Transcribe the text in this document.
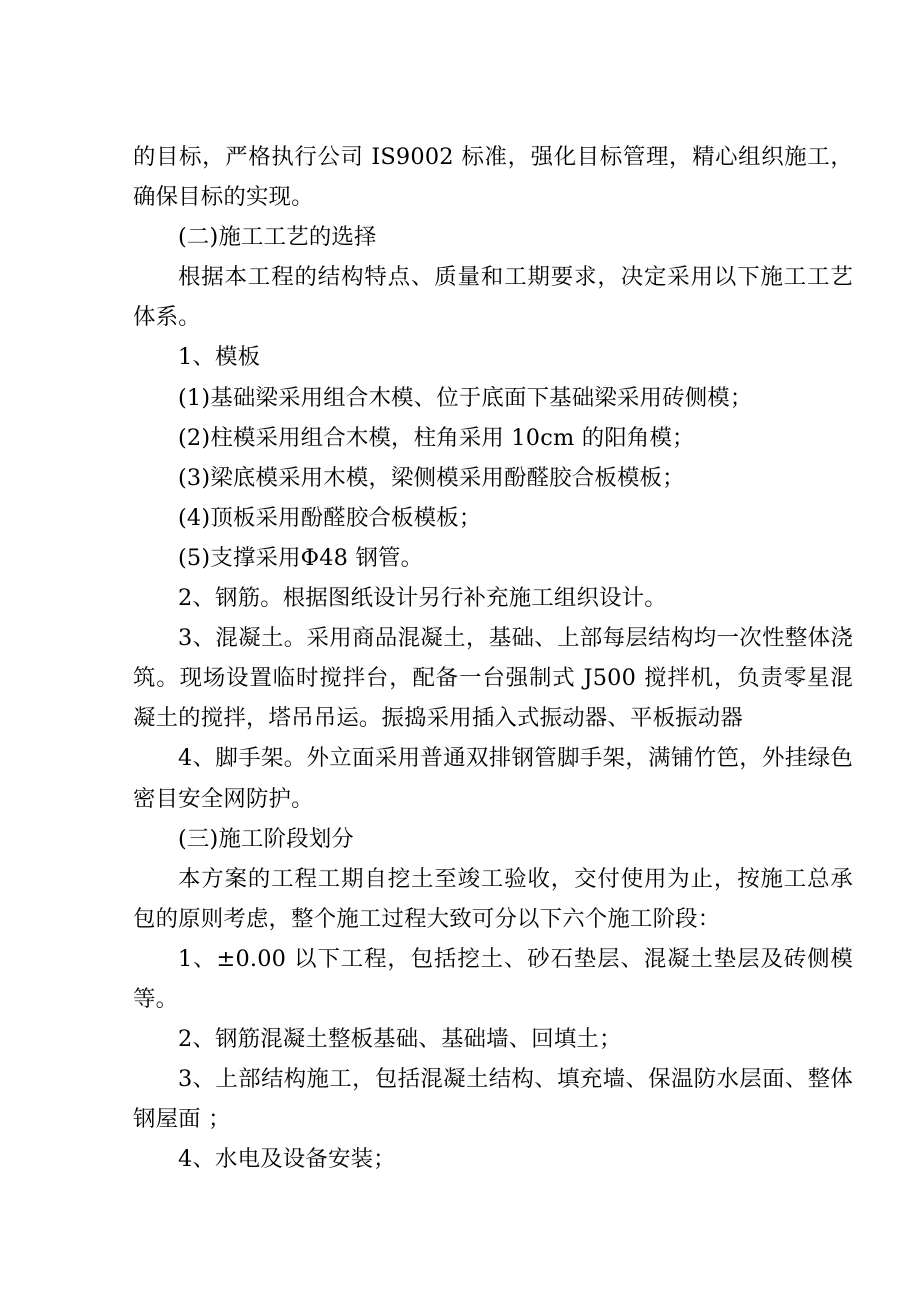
的目标，严格执行公司 IS9002 标准，强化目标管理，精心组织施工，确保目标的实现。

(二)施工工艺的选择

根据本工程的结构特点、质量和工期要求，决定采用以下施工工艺体系。

1、模板

(1)基础梁采用组合木模、位于底面下基础梁采用砖侧模；

(2)柱模采用组合木模，柱角采用 10cm 的阳角模；

(3)梁底模采用木模，梁侧模采用酚醛胶合板模板；

(4)顶板采用酚醛胶合板模板；

(5)支撑采用Φ48 钢管。

2、钢筋。根据图纸设计另行补充施工组织设计。

3、混凝土。采用商品混凝土，基础、上部每层结构均一次性整体浇筑。现场设置临时搅拌台，配备一台强制式 J500 搅拌机，负责零星混凝土的搅拌，塔吊吊运。振捣采用插入式振动器、平板振动器

4、脚手架。外立面采用普通双排钢管脚手架，满铺竹笆，外挂绿色密目安全网防护。

(三)施工阶段划分

本方案的工程工期自挖土至竣工验收，交付使用为止，按施工总承包的原则考虑，整个施工过程大致可分以下六个施工阶段：

1、±0.00 以下工程，包括挖土、砂石垫层、混凝土垫层及砖侧模等。

2、钢筋混凝土整板基础、基础墙、回填土；

3、上部结构施工，包括混凝土结构、填充墙、保温防水层面、整体钢屋面 ；

4、水电及设备安装；
